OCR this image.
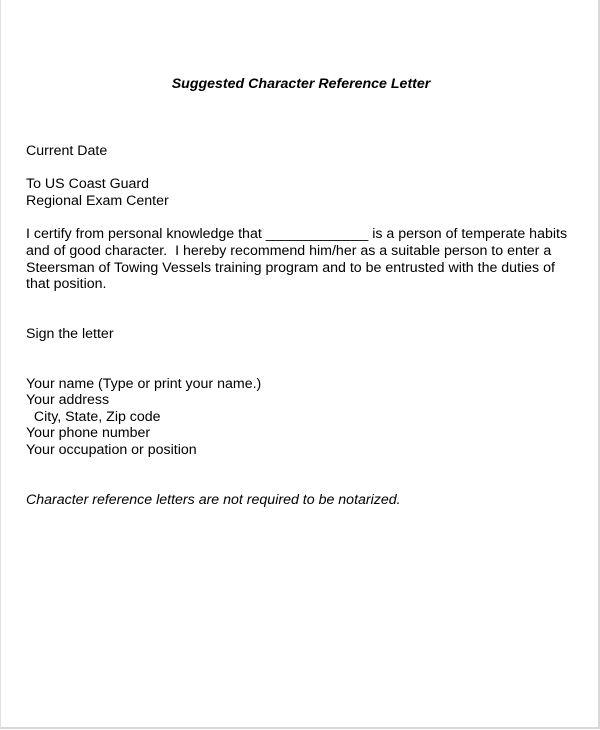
Suggested Character Reference Letter
Current Date
To US Coast Guard
Regional Exam Center
I certify from personal knowledge that _____________ is a person of temperate habits
and of good character.  I hereby recommend him/her as a suitable person to enter a
Steersman of Towing Vessels training program and to be entrusted with the duties of
that position.
Sign the letter
Your name (Type or print your name.)
Your address
City, State, Zip code
Your phone number
Your occupation or position
Character reference letters are not required to be notarized.
